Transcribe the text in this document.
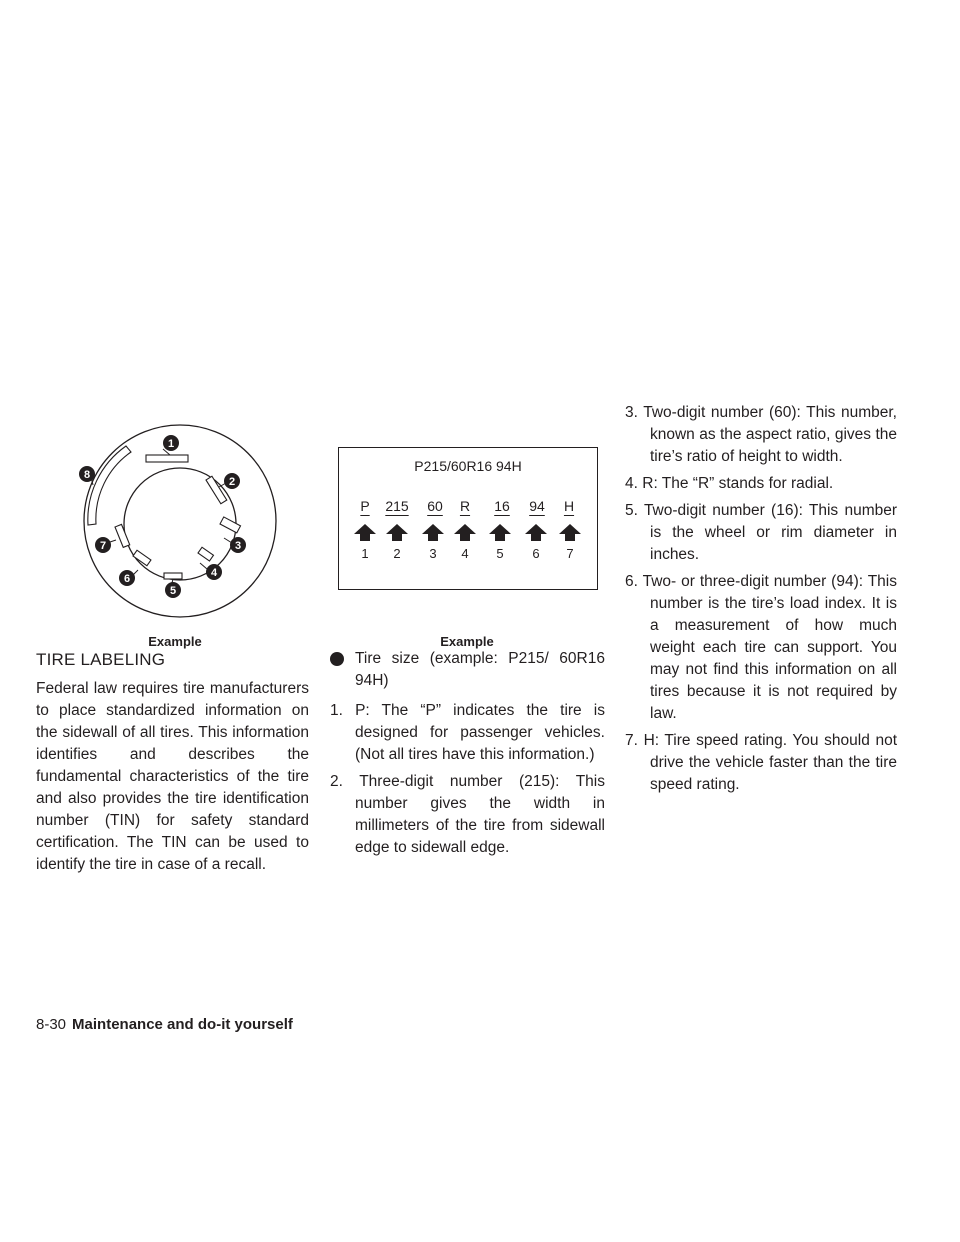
1
2
3
4
5
6
7
8
Example
P215/60R16 94H
P	215	60	R	16	94	H
1	2	3	4	5	6	7
Example
TIRE LABELING
Federal law requires tire manufacturers to place standardized information on the sidewall of all tires. This information identifies and describes the fundamental characteristics of the tire and also provides the tire identification number (TIN) for safety standard certification. The TIN can be used to identify the tire in case of a recall.
1 Tire size (example: P215/ 60R16 94H)
1. P: The “P” indicates the tire is designed for passenger vehicles. (Not all tires have this information.)
2. Three-digit number (215): This number gives the width in millimeters of the tire from sidewall edge to sidewall edge.
3. Two-digit number (60): This number, known as the aspect ratio, gives the tire’s ratio of height to width.
4. R: The “R” stands for radial.
5. Two-digit number (16): This number is the wheel or rim diameter in inches.
6. Two- or three-digit number (94): This number is the tire’s load index. It is a measurement of how much weight each tire can support. You may not find this information on all tires because it is not required by law.
7. H: Tire speed rating. You should not drive the vehicle faster than the tire speed rating.
8-30 Maintenance and do-it yourself
